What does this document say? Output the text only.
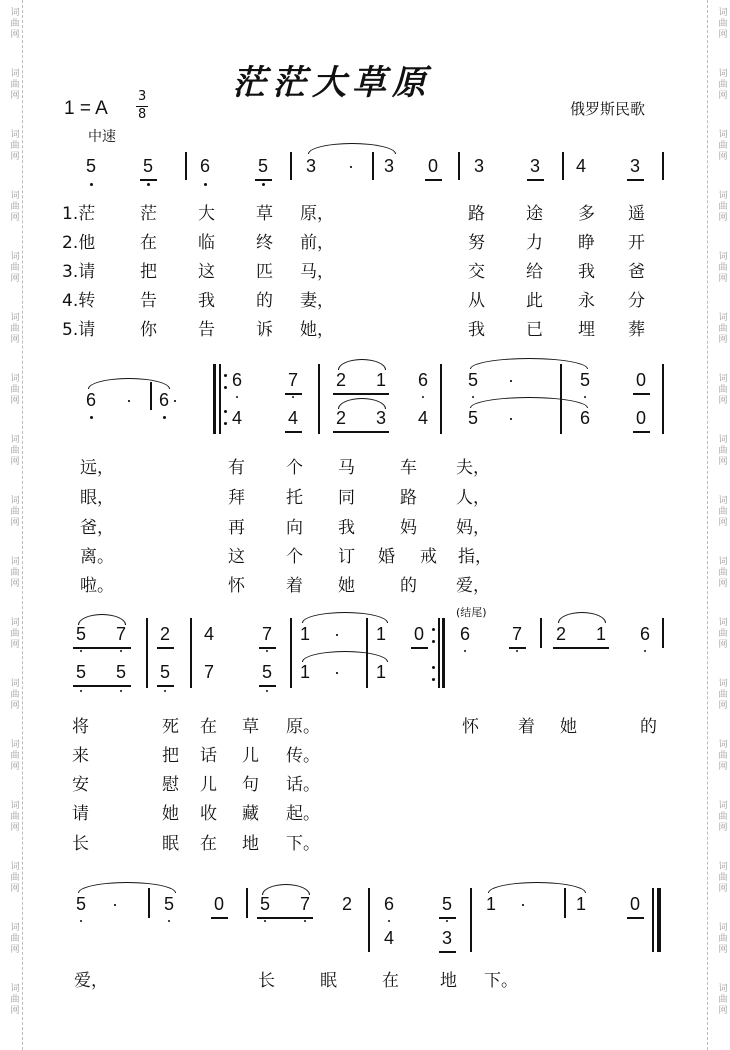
词
曲
网
词
曲
网
词
曲
网
词
曲
网
词
曲
网
词
曲
网
词
曲
网
词
曲
网
词
曲
网
词
曲
网
词
曲
网
词
曲
网
词
曲
网
词
曲
网
词
曲
网
词
曲
网
词
曲
网
词
曲
网
词
曲
网
词
曲
网
词
曲
网
词
曲
网
词
曲
网
词
曲
网
词
曲
网
词
曲
网
词
曲
网
词
曲
网
词
曲
网
词
曲
网
词
曲
网
词
曲
网
词
曲
网
词
曲
网
茫茫大草原
1 = A
3
8
中速
俄罗斯民歌
5	5	6	5 3 · 3 0 3	3 4 3
1.茫	茫 大 草 原，	路 途 多 遥
2.他	在 临 终 前，	努 力 睁 开
3.请	把 这 匹 马，	交 给 我 爸
4.转	告 我 的 妻，	从 此 永 分
5.请	你 告 诉 她，	我 已 埋 葬
6 · 6 ·
6	7 2 1 6 5 ·	5	0
4	4 2 3 4 5 ·	6	0
远，	有 个 马	车 夫，
眼，	拜 托 同	路 人，
爸，	再 向 我	妈 妈，
离。	这 个 订 婚 戒 指，
啦。	怀 着 她	的 爱，
5 7 2 4	7 1 · 1 0 6 7 2 1 6
5 5 5 7	5 1 · 1
(结尾)
将	死 在 草 原。	怀 着 她	的
来	把 话 儿 传。
安	慰 儿 句 话。
请	她 收 藏 起。
长	眠 在 地 下。
5 ·	5 0 5 7 2 6	5 1 ·	1 0
4	3
爱，	长	眠	在 地 下。
